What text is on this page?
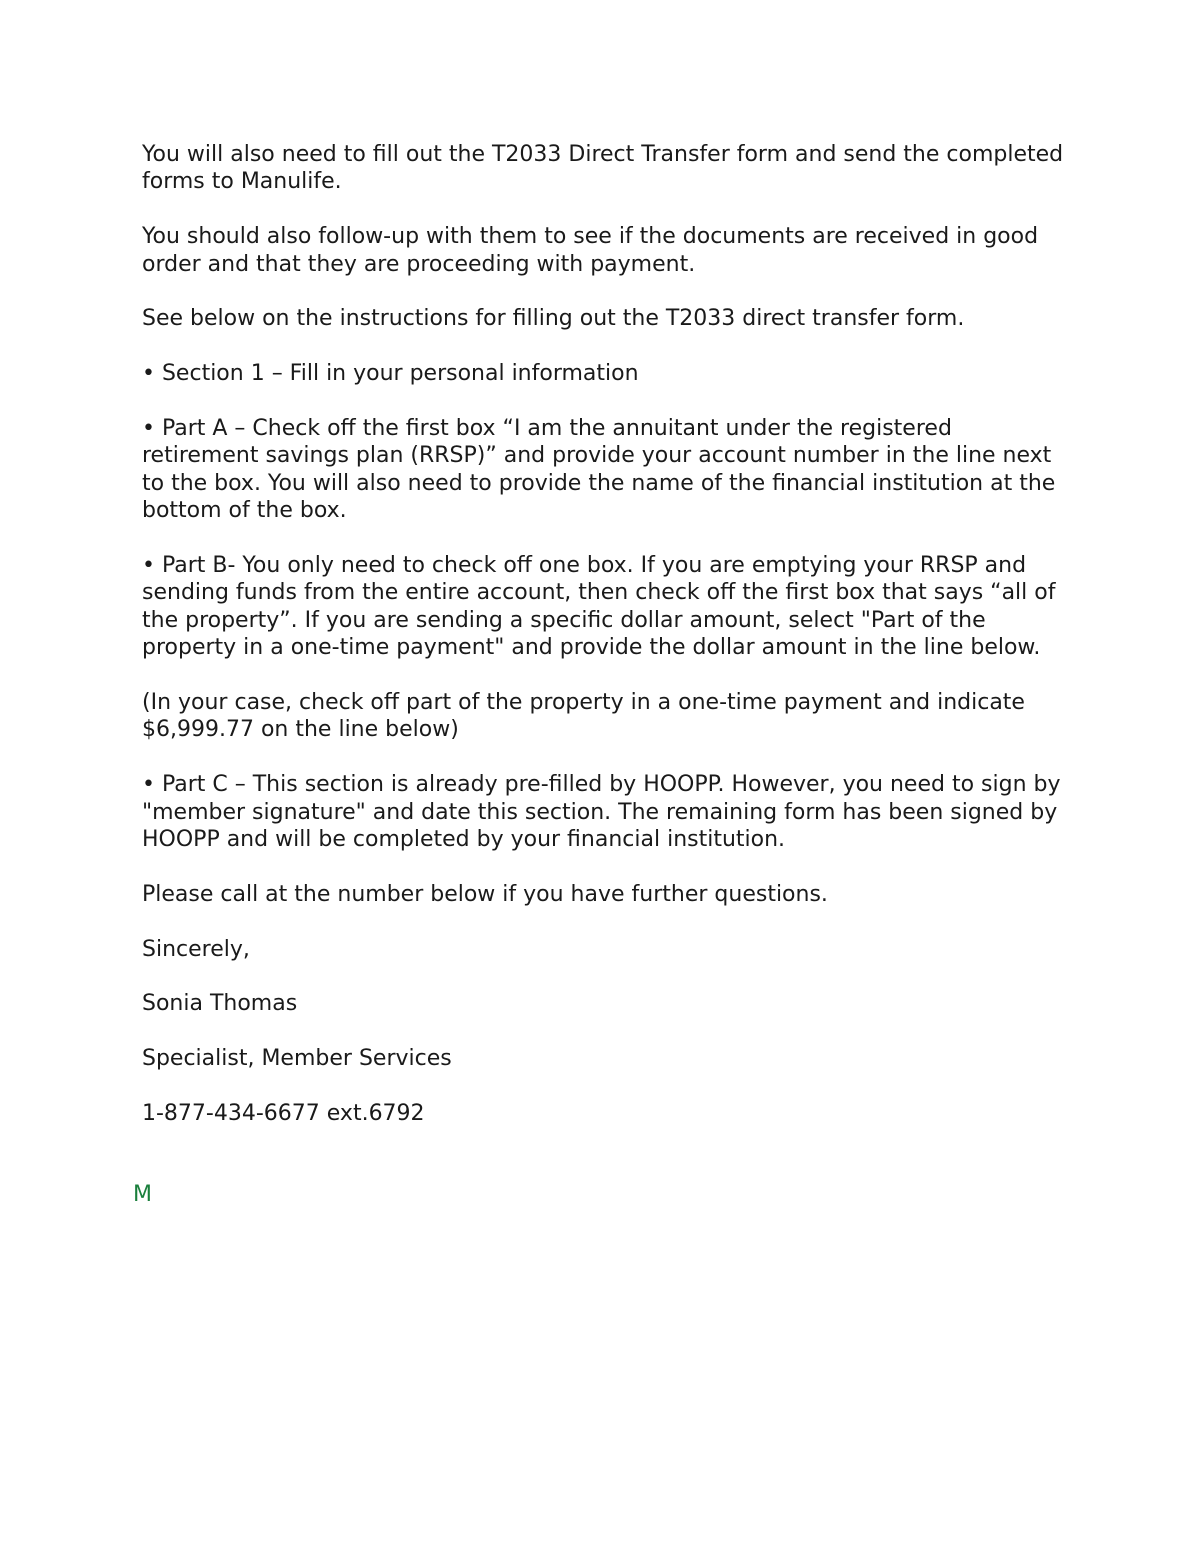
You will also need to fill out the T2033 Direct Transfer form and send the completed forms to Manulife.

You should also follow-up with them to see if the documents are received in good order and that they are proceeding with payment.

See below on the instructions for filling out the T2033 direct transfer form.

• Section 1 – Fill in your personal information

• Part A – Check off the first box “I am the annuitant under the registered retirement savings plan (RRSP)” and provide your account number in the line next to the box. You will also need to provide the name of the financial institution at the bottom of the box.

• Part B- You only need to check off one box. If you are emptying your RRSP and sending funds from the entire account, then check off the first box that says “all of the property”. If you are sending a specific dollar amount, select "Part of the property in a one-time payment" and provide the dollar amount in the line below.

(In your case, check off part of the property in a one-time payment and indicate $6,999.77 on the line below)

• Part C – This section is already pre-filled by HOOPP. However, you need to sign by "member signature" and date this section. The remaining form has been signed by HOOPP and will be completed by your financial institution.

Please call at the number below if you have further questions.

Sincerely,

Sonia Thomas

Specialist, Member Services

1-877-434-6677 ext.6792

M
